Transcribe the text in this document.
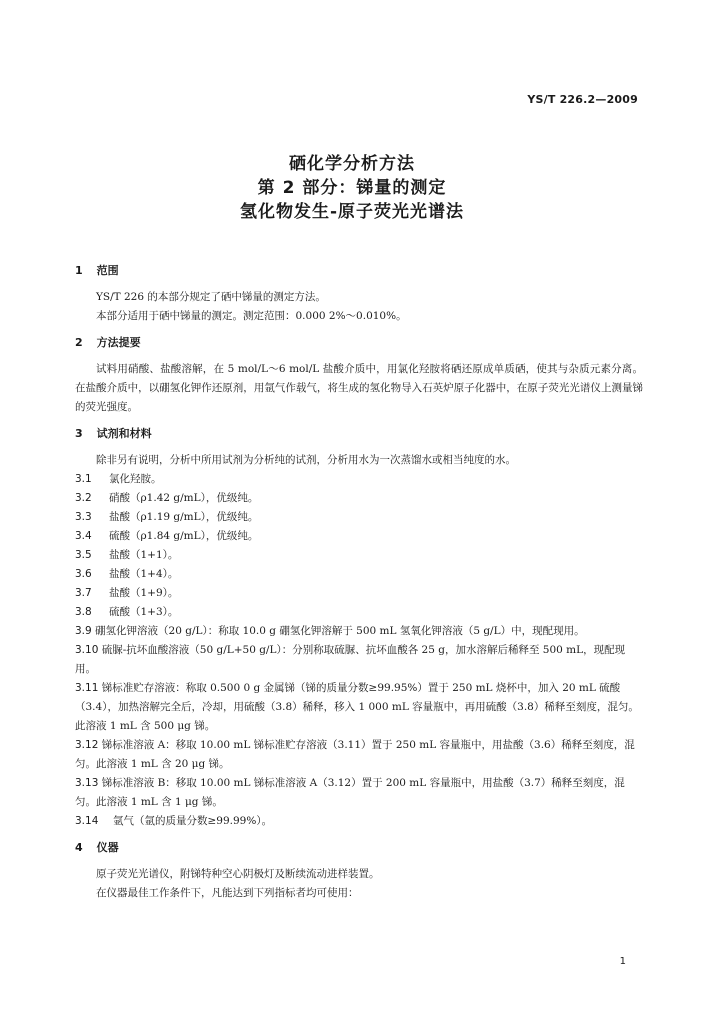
YS/T 226.2—2009
硒化学分析方法
第 2 部分：锑量的测定
氢化物发生-原子荧光光谱法
1 范围

YS/T 226 的本部分规定了硒中锑量的测定方法。

本部分适用于硒中锑量的测定。测定范围：0.000 2%～0.010%。

2 方法提要

试料用硝酸、盐酸溶解，在 5 mol/L～6 mol/L 盐酸介质中，用氯化羟胺将硒还原成单质硒，使其与杂质元素分离。在盐酸介质中，以硼氢化钾作还原剂，用氩气作载气，将生成的氢化物导入石英炉原子化器中，在原子荧光光谱仪上测量锑的荧光强度。

3 试剂和材料

除非另有说明，分析中所用试剂为分析纯的试剂，分析用水为一次蒸馏水或相当纯度的水。

3.1	氯化羟胺。
3.2	硝酸（ρ1.42 g/mL），优级纯。
3.3	盐酸（ρ1.19 g/mL），优级纯。
3.4	硫酸（ρ1.84 g/mL），优级纯。
3.5	盐酸（1+1）。
3.6	盐酸（1+4）。
3.7	盐酸（1+9）。
3.8	硫酸（1+3）。
3.9 硼氢化钾溶液（20 g/L）：称取 10.0 g 硼氢化钾溶解于 500 mL 氢氧化钾溶液（5 g/L）中，现配现用。
3.10 硫脲-抗坏血酸溶液（50 g/L+50 g/L）：分别称取硫脲、抗坏血酸各 25 g，加水溶解后稀释至 500 mL，现配现用。
3.11 锑标准贮存溶液：称取 0.500 0 g 金属锑（锑的质量分数≥99.95%）置于 250 mL 烧杯中，加入 20 mL 硫酸（3.4），加热溶解完全后，冷却，用硫酸（3.8）稀释，移入 1 000 mL 容量瓶中，再用硫酸（3.8）稀释至刻度，混匀。此溶液 1 mL 含 500 μg 锑。
3.12 锑标准溶液 A：移取 10.00 mL 锑标准贮存溶液（3.11）置于 250 mL 容量瓶中，用盐酸（3.6）稀释至刻度，混匀。此溶液 1 mL 含 20 μg 锑。
3.13 锑标准溶液 B：移取 10.00 mL 锑标准溶液 A（3.12）置于 200 mL 容量瓶中，用盐酸（3.7）稀释至刻度，混匀。此溶液 1 mL 含 1 μg 锑。
3.14	氩气（氩的质量分数≥99.99%）。
4 仪器

原子荧光光谱仪，附锑特种空心阴极灯及断续流动进样装置。

在仪器最佳工作条件下，凡能达到下列指标者均可使用：

1
